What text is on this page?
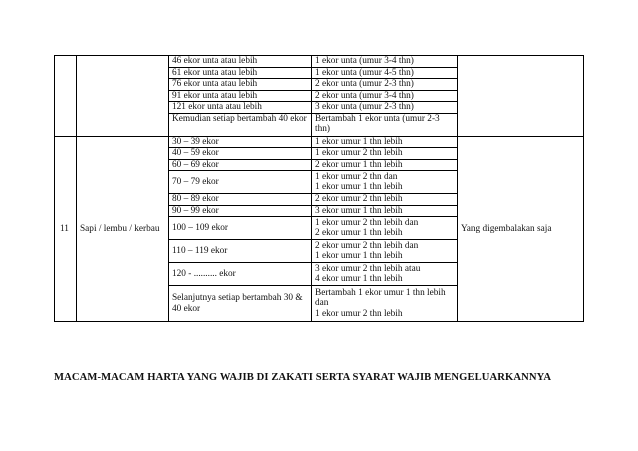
		46 ekor unta atau lebih	1 ekor unta (umur 3-4 thn)	
		61 ekor unta atau lebih	1 ekor unta (umur 4-5 thn)	
		76 ekor unta atau lebih	2 ekor unta (umur 2-3 thn)	
		91 ekor unta atau lebih	2 ekor unta (umur 3-4 thn)	
		121 ekor unta atau lebih	3 ekor unta (umur 2-3 thn)	
		Kemudian setiap bertambah 40 ekor	Bertambah 1 ekor unta (umur 2-3 thn)	
11	Sapi / lembu / kerbau	30 – 39 ekor	1 ekor umur 1 thn lebih	Yang digembalakan saja
		40 – 59 ekor	1 ekor umur 2 thn lebih	
		60 – 69 ekor	2 ekor umur 1 thn lebih	
		70 – 79 ekor	1 ekor umur 2 thn dan
1 ekor umur 1 thn lebih	

		80 – 89 ekor	2 ekor umur 2 thn lebih	
		90 – 99 ekor	3 ekor umur 1 thn lebih	
		100 – 109 ekor	1 ekor umur 2 thn lebih dan
2 ekor umur 1 thn lebih	

		110 – 119 ekor	2 ekor umur 2 thn lebih dan
1 ekor umur 1 thn lebih	

		120 - .......... ekor	3 ekor umur 2 thn lebih atau
4 ekor umur 1 thn lebih	

		Selanjutnya setiap bertambah 30 & 40 ekor	Bertambah 1 ekor umur 1 thn lebih dan
1 ekor umur 2 thn lebih	
MACAM-MACAM HARTA YANG WAJIB DI ZAKATI SERTA SYARAT WAJIB MENGELUARKANNYA
